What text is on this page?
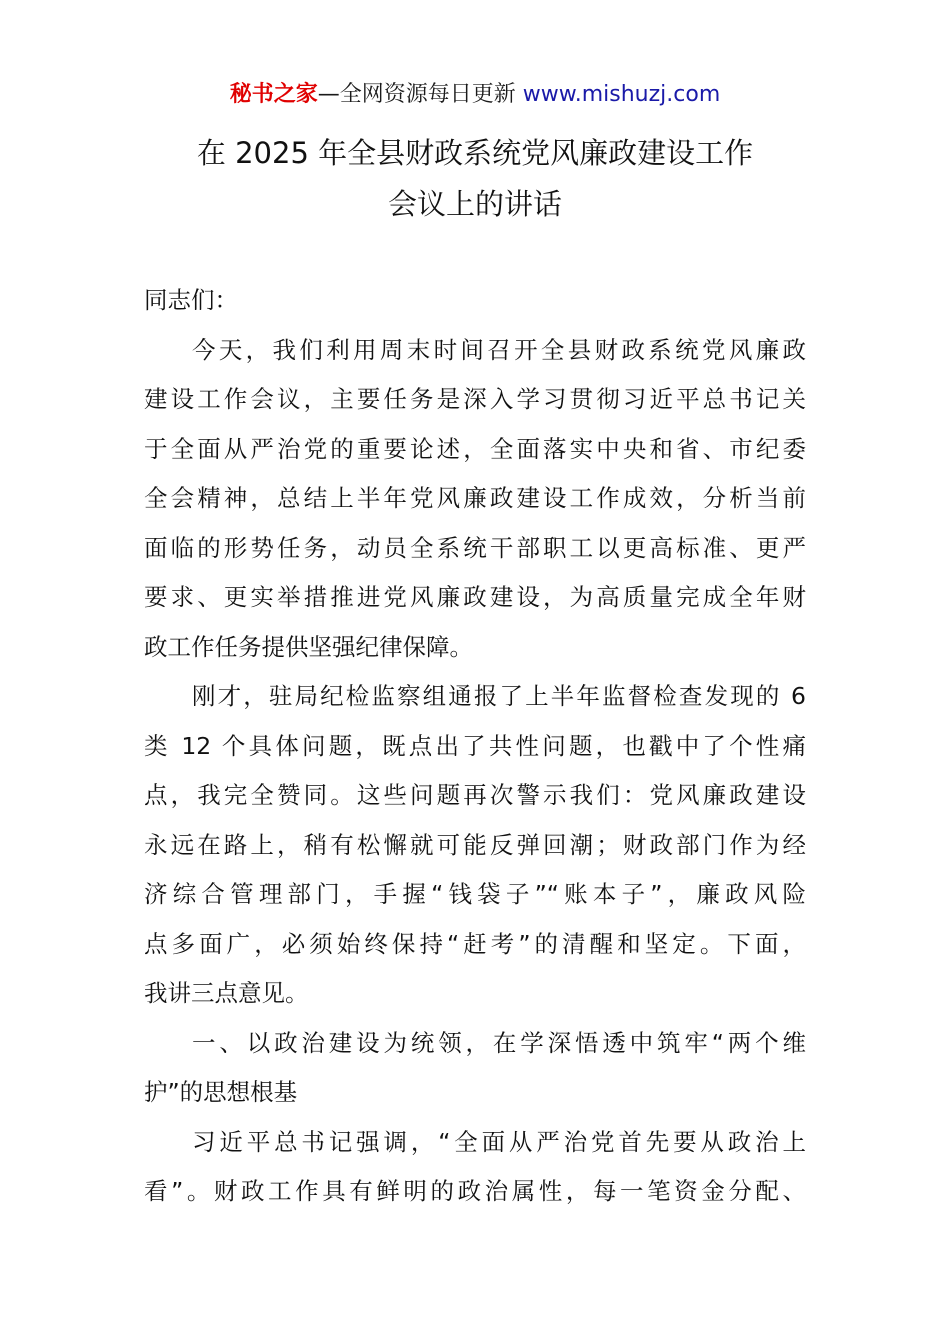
秘书之家—全网资源每日更新 www.mishuzj.com
在 2025 年全县财政系统党风廉政建设工作
会议上的讲话
同志们：
今天，我们利用周末时间召开全县财政系统党风廉政
建设工作会议，主要任务是深入学习贯彻习近平总书记关
于全面从严治党的重要论述，全面落实中央和省、市纪委
全会精神，总结上半年党风廉政建设工作成效，分析当前
面临的形势任务，动员全系统干部职工以更高标准、更严
要求、更实举措推进党风廉政建设，为高质量完成全年财
政工作任务提供坚强纪律保障。
刚才，驻局纪检监察组通报了上半年监督检查发现的 6
类 12 个具体问题，既点出了共性问题，也戳中了个性痛
点，我完全赞同。这些问题再次警示我们：党风廉政建设
永远在路上，稍有松懈就可能反弹回潮；财政部门作为经
济综合管理部门，手握“钱袋子”“账本子”，廉政风险
点多面广，必须始终保持“赶考”的清醒和坚定。下面，
我讲三点意见。
一、以政治建设为统领，在学深悟透中筑牢“两个维
护”的思想根基
习近平总书记强调，“全面从严治党首先要从政治上
看”。财政工作具有鲜明的政治属性，每一笔资金分配、
